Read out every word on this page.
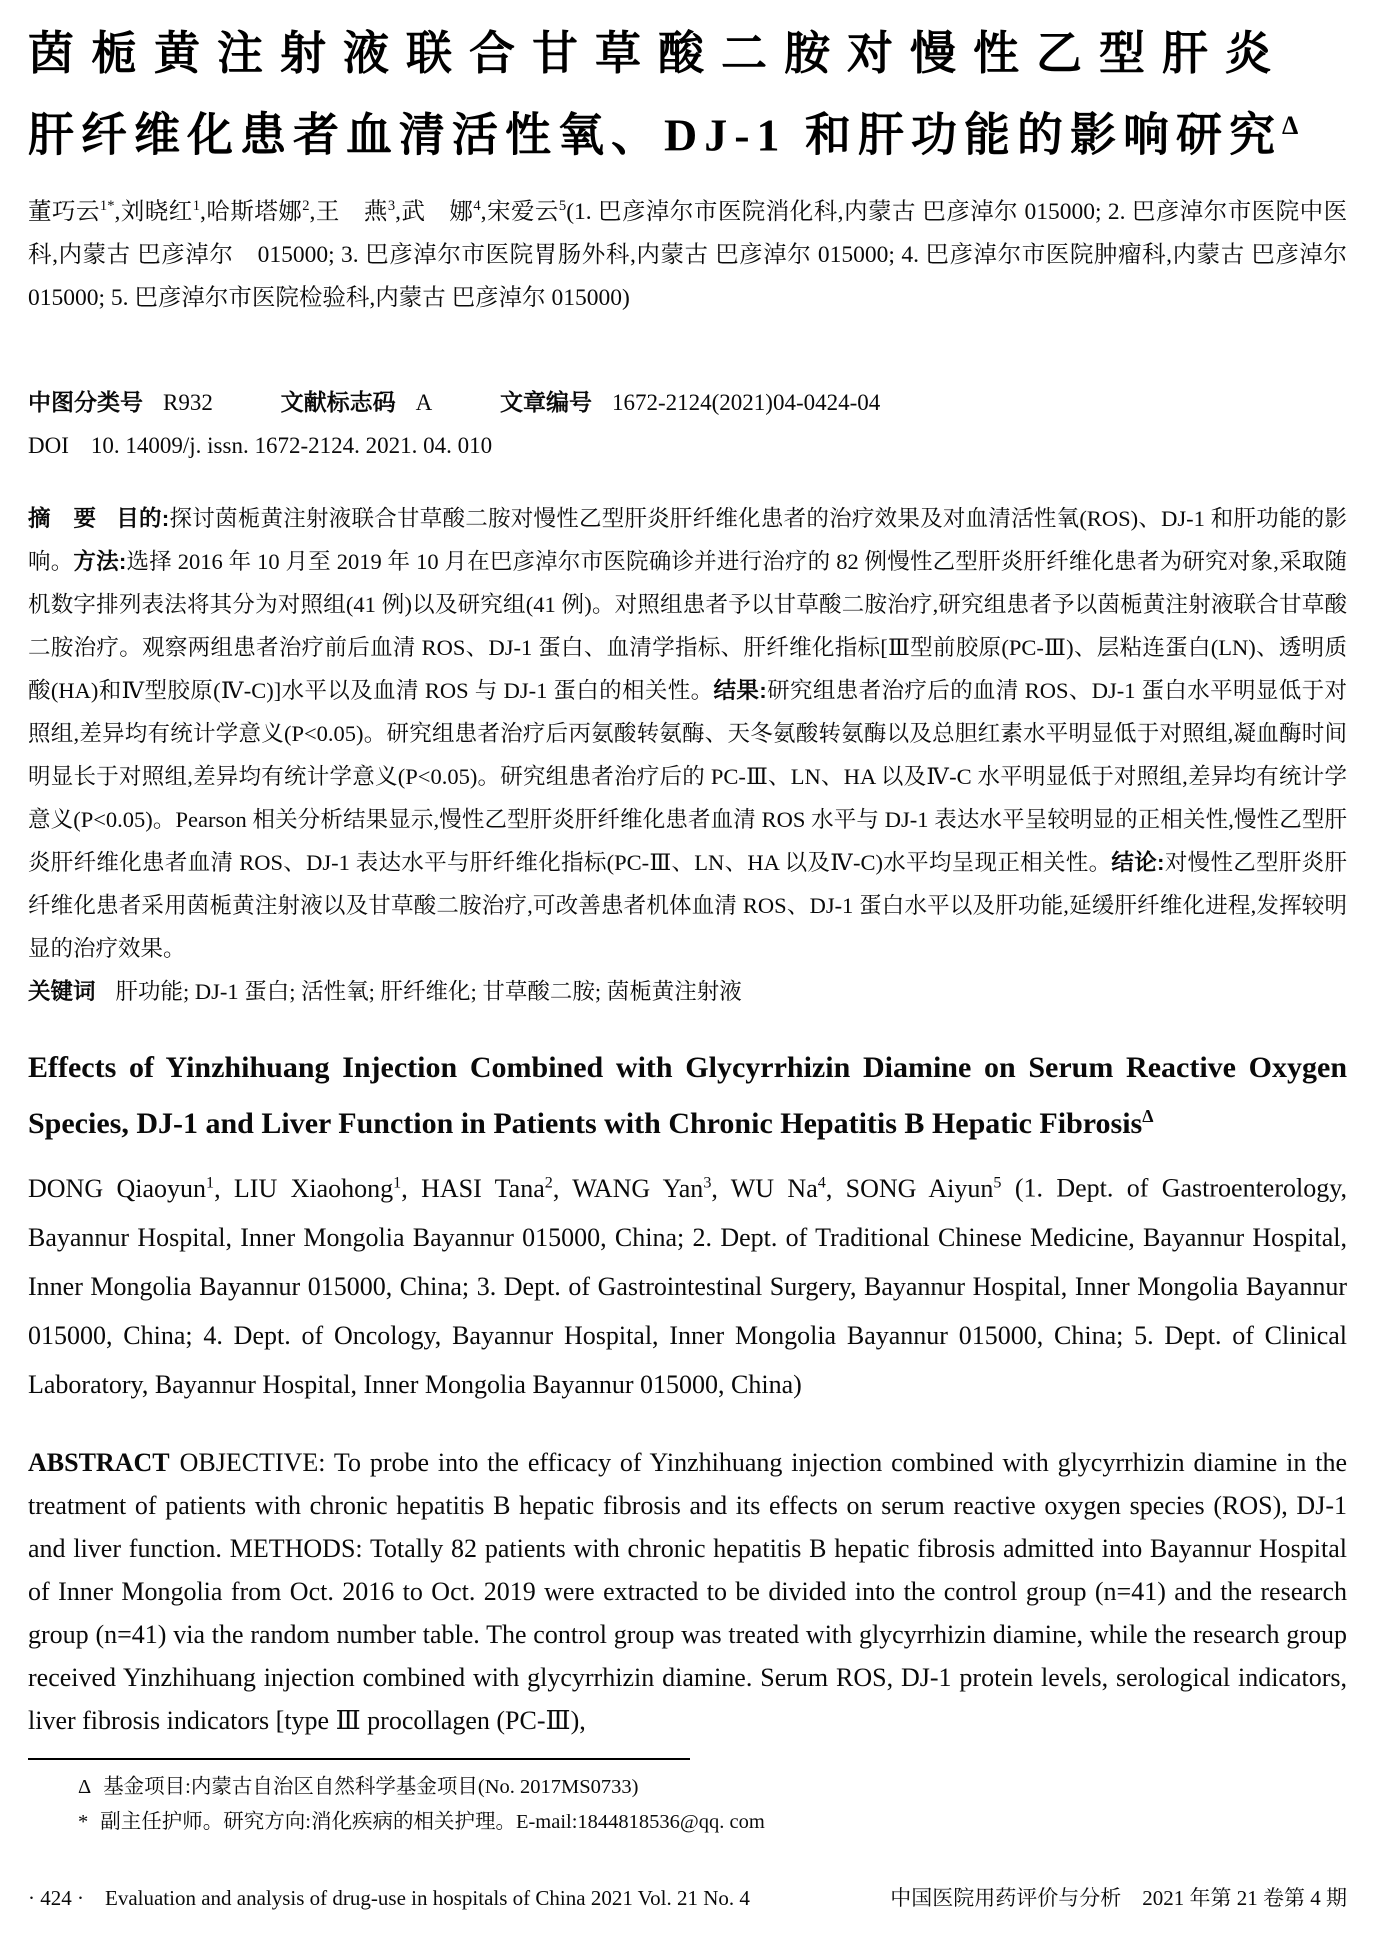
茵栀黄注射液联合甘草酸二胺对慢性乙型肝炎
肝纤维化患者血清活性氧、DJ-1 和肝功能的影响研究$^\Delta$

董巧云$^{1*}$,刘晓红$^1$,哈斯塔娜$^2$,王　燕$^3$,武　娜$^4$,宋爱云$^5$(1. 巴彦淖尔市医院消化科,内蒙古 巴彦淖尔 015000; 2. 巴彦淖尔市医院中医科,内蒙古 巴彦淖尔　015000; 3. 巴彦淖尔市医院胃肠外科,内蒙古 巴彦淖尔 015000; 4. 巴彦淖尔市医院肿瘤科,内蒙古 巴彦淖尔　015000; 5. 巴彦淖尔市医院检验科,内蒙古 巴彦淖尔 015000)

中图分类号 R932	文献标志码 A	文章编号 1672-2124(2021)04-0424-04
DOI 10. 14009/j. issn. 1672-2124. 2021. 04. 010

摘　要 目的:探讨茵栀黄注射液联合甘草酸二胺对慢性乙型肝炎肝纤维化患者的治疗效果及对血清活性氧(ROS)、DJ-1 和肝功能的影响。方法:选择 2016 年 10 月至 2019 年 10 月在巴彦淖尔市医院确诊并进行治疗的 82 例慢性乙型肝炎肝纤维化患者为研究对象,采取随机数字排列表法将其分为对照组(41 例)以及研究组(41 例)。对照组患者予以甘草酸二胺治疗,研究组患者予以茵栀黄注射液联合甘草酸二胺治疗。观察两组患者治疗前后血清 ROS、DJ-1 蛋白、血清学指标、肝纤维化指标[Ⅲ型前胶原(PC-Ⅲ)、层粘连蛋白(LN)、透明质酸(HA)和Ⅳ型胶原(Ⅳ-C)]水平以及血清 ROS 与 DJ-1 蛋白的相关性。结果:研究组患者治疗后的血清 ROS、DJ-1 蛋白水平明显低于对照组,差异均有统计学意义(P<0.05)。研究组患者治疗后丙氨酸转氨酶、天冬氨酸转氨酶以及总胆红素水平明显低于对照组,凝血酶时间明显长于对照组,差异均有统计学意义(P<0.05)。研究组患者治疗后的 PC-Ⅲ、LN、HA 以及Ⅳ-C 水平明显低于对照组,差异均有统计学意义(P<0.05)。Pearson 相关分析结果显示,慢性乙型肝炎肝纤维化患者血清 ROS 水平与 DJ-1 表达水平呈较明显的正相关性,慢性乙型肝炎肝纤维化患者血清 ROS、DJ-1 表达水平与肝纤维化指标(PC-Ⅲ、LN、HA 以及Ⅳ-C)水平均呈现正相关性。结论:对慢性乙型肝炎肝纤维化患者采用茵栀黄注射液以及甘草酸二胺治疗,可改善患者机体血清 ROS、DJ-1 蛋白水平以及肝功能,延缓肝纤维化进程,发挥较明显的治疗效果。

关键词 肝功能; DJ-1 蛋白; 活性氧; 肝纤维化; 甘草酸二胺; 茵栀黄注射液

Effects of Yinzhihuang Injection Combined with Glycyrrhizin Diamine on Serum Reactive Oxygen Species, DJ-1 and Liver Function in Patients with Chronic Hepatitis B Hepatic Fibrosis$^\Delta$

DONG Qiaoyun$^1$, LIU Xiaohong$^1$, HASI Tana$^2$, WANG Yan$^3$, WU Na$^4$, SONG Aiyun$^5$ (1. Dept. of Gastroenterology, Bayannur Hospital, Inner Mongolia Bayannur 015000, China; 2. Dept. of Traditional Chinese Medicine, Bayannur Hospital, Inner Mongolia Bayannur 015000, China; 3. Dept. of Gastrointestinal Surgery, Bayannur Hospital, Inner Mongolia Bayannur 015000, China; 4. Dept. of Oncology, Bayannur Hospital, Inner Mongolia Bayannur 015000, China; 5. Dept. of Clinical Laboratory, Bayannur Hospital, Inner Mongolia Bayannur 015000, China)

ABSTRACT OBJECTIVE: To probe into the efficacy of Yinzhihuang injection combined with glycyrrhizin diamine in the treatment of patients with chronic hepatitis B hepatic fibrosis and its effects on serum reactive oxygen species (ROS), DJ-1 and liver function. METHODS: Totally 82 patients with chronic hepatitis B hepatic fibrosis admitted into Bayannur Hospital of Inner Mongolia from Oct. 2016 to Oct. 2019 were extracted to be divided into the control group (n=41) and the research group (n=41) via the random number table. The control group was treated with glycyrrhizin diamine, while the research group received Yinzhihuang injection combined with glycyrrhizin diamine. Serum ROS, DJ-1 protein levels, serological indicators, liver fibrosis indicators [type Ⅲ procollagen (PC-Ⅲ),

Δ 基金项目:内蒙古自治区自然科学基金项目(No. 2017MS0733)

* 副主任护师。研究方向:消化疾病的相关护理。E-mail:1844818536@qq. com

· 424 ·　Evaluation and analysis of drug-use in hospitals of China 2021 Vol. 21 No. 4	中国医院用药评价与分析　2021 年第 21 卷第 4 期
